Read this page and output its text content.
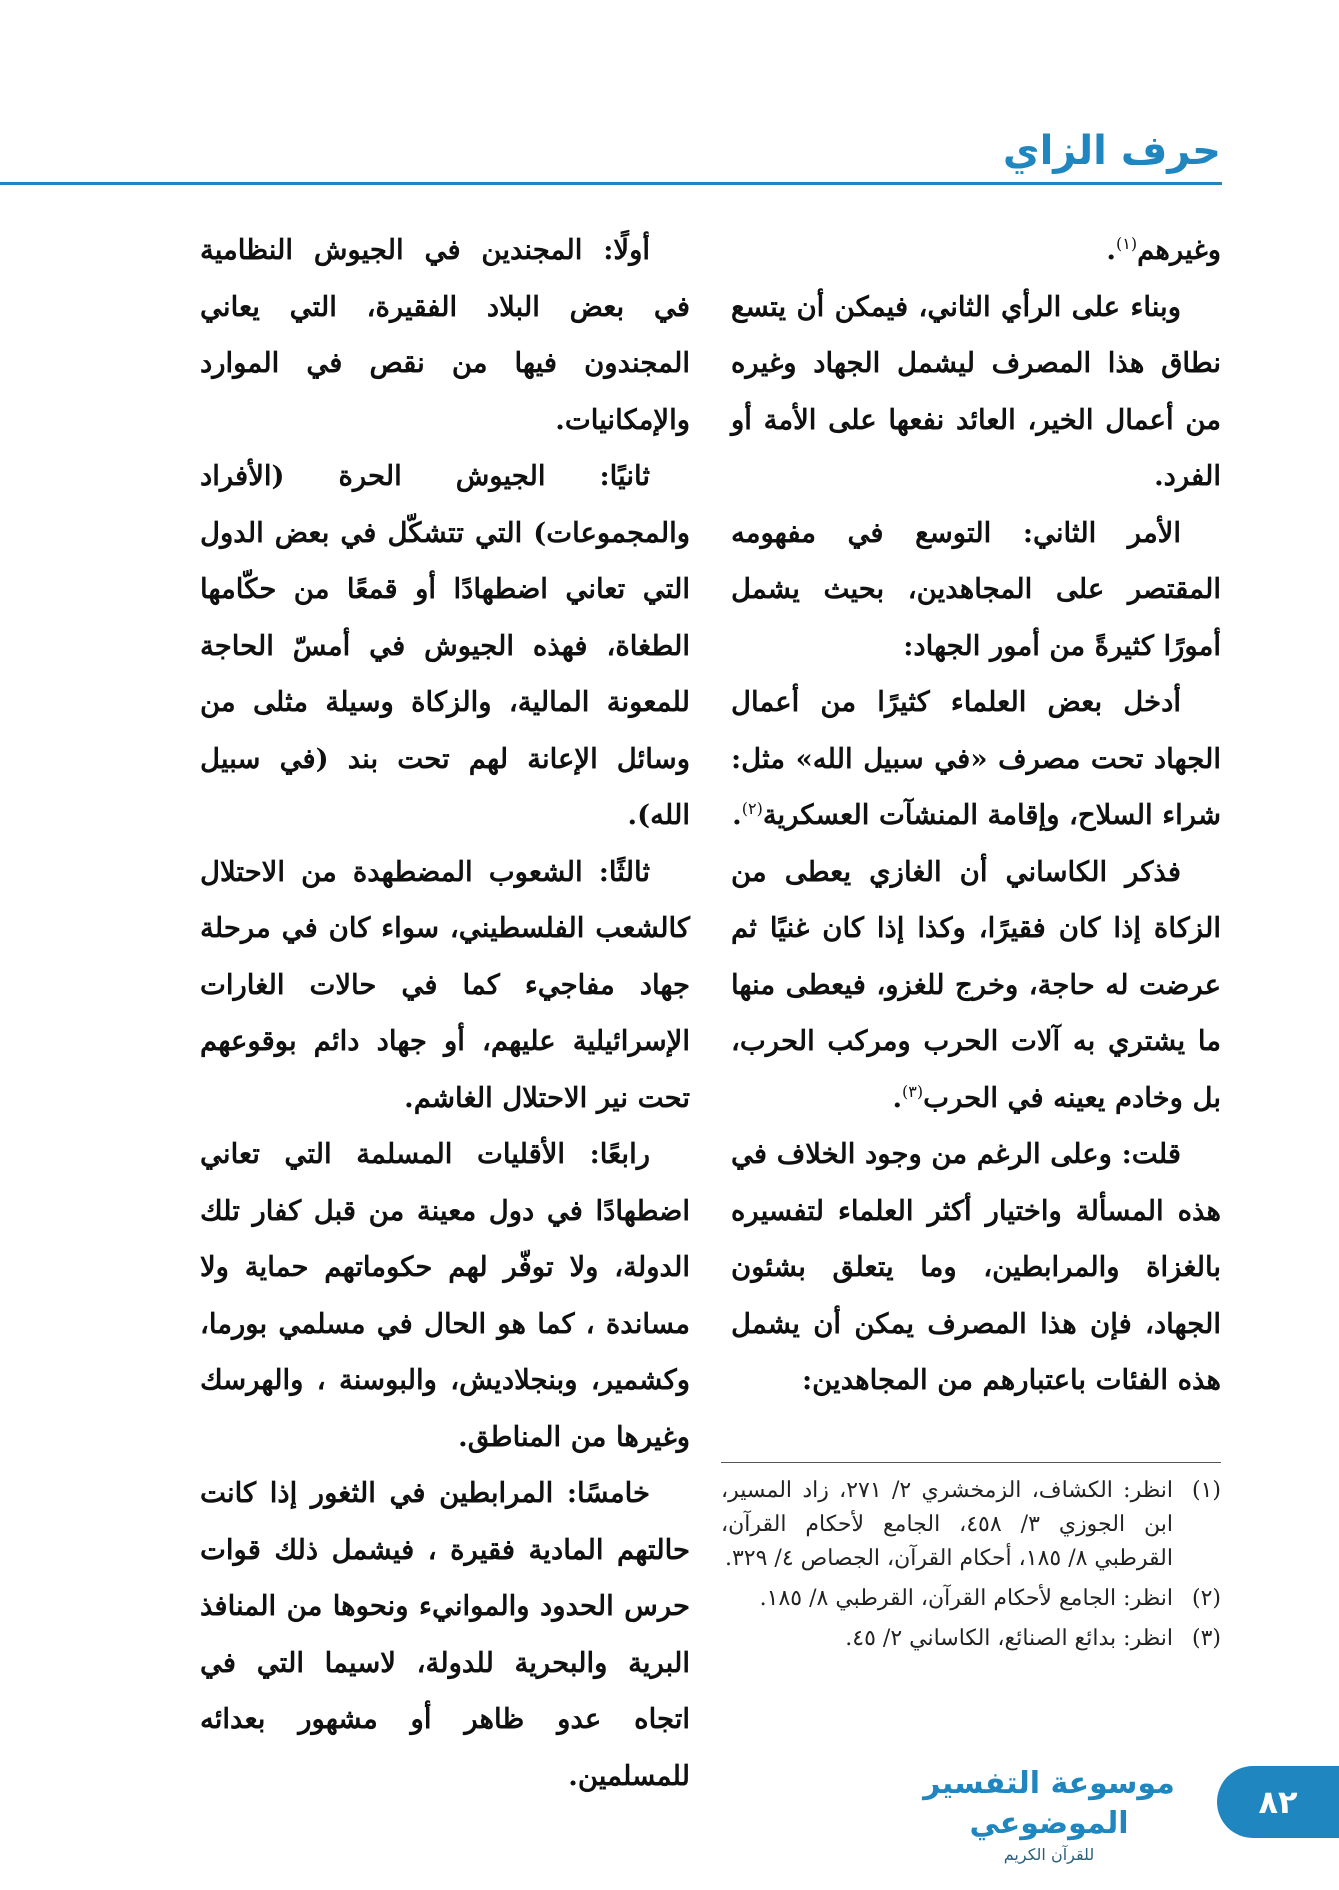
حرف الزاي

وغيرهم$^{(١)}$.

وبناء على الرأي الثاني، فيمكن أن يتسع نطاق هذا المصرف ليشمل الجهاد وغيره من أعمال الخير، العائد نفعها على الأمة أو الفرد.

الأمر الثاني: التوسع في مفهومه المقتصر على المجاهدين، بحيث يشمل أمورًا كثيرةً من أمور الجهاد:

أدخل بعض العلماء كثيرًا من أعمال الجهاد تحت مصرف «في سبيل الله» مثل: شراء السلاح، وإقامة المنشآت العسكرية$^{(٢)}$.

فذكر الكاساني أن الغازي يعطى من الزكاة إذا كان فقيرًا، وكذا إذا كان غنيًا ثم عرضت له حاجة، وخرج للغزو، فيعطى منها ما يشتري به آلات الحرب ومركب الحرب، بل وخادم يعينه في الحرب$^{(٣)}$.

قلت: وعلى الرغم من وجود الخلاف في هذه المسألة واختيار أكثر العلماء لتفسيره بالغزاة والمرابطين، وما يتعلق بشئون الجهاد، فإن هذا المصرف يمكن أن يشمل هذه الفئات باعتبارهم من المجاهدين:

أولًا: المجندين في الجيوش النظامية في بعض البلاد الفقيرة، التي يعاني المجندون فيها من نقص في الموارد والإمكانيات.

ثانيًا: الجيوش الحرة (الأفراد والمجموعات) التي تتشكّل في بعض الدول التي تعاني اضطهادًا أو قمعًا من حكّامها الطغاة، فهذه الجيوش في أمسّ الحاجة للمعونة المالية، والزكاة وسيلة مثلى من وسائل الإعانة لهم تحت بند (في سبيل الله).

ثالثًا: الشعوب المضطهدة من الاحتلال كالشعب الفلسطيني، سواء كان في مرحلة جهاد مفاجيء كما في حالات الغارات الإسرائيلية عليهم، أو جهاد دائم بوقوعهم تحت نير الاحتلال الغاشم.

رابعًا: الأقليات المسلمة التي تعاني اضطهادًا في دول معينة من قبل كفار تلك الدولة، ولا توفّر لهم حكوماتهم حماية ولا مساندة ، كما هو الحال في مسلمي بورما، وكشمير، وبنجلاديش، والبوسنة ، والهرسك وغيرها من المناطق.

خامسًا: المرابطين في الثغور إذا كانت حالتهم المادية فقيرة ، فيشمل ذلك قوات حرس الحدود والموانيء ونحوها من المنافذ البرية والبحرية للدولة، لاسيما التي في اتجاه عدو ظاهر أو مشهور بعدائه للمسلمين.

(١)
انظر: الكشاف، الزمخشري ٢/ ٢٧١، زاد المسير، ابن الجوزي ٣/ ٤٥٨، الجامع لأحكام القرآن، القرطبي ٨/ ١٨٥، أحكام القرآن، الجصاص ٤/ ٣٢٩.
(٢)
انظر: الجامع لأحكام القرآن، القرطبي ٨/ ١٨٥.
(٣)
انظر: بدائع الصنائع، الكاساني ٢/ ٤٥.
موسوعة التفسير الموضوعي
للقرآن الكريم
٨٢
